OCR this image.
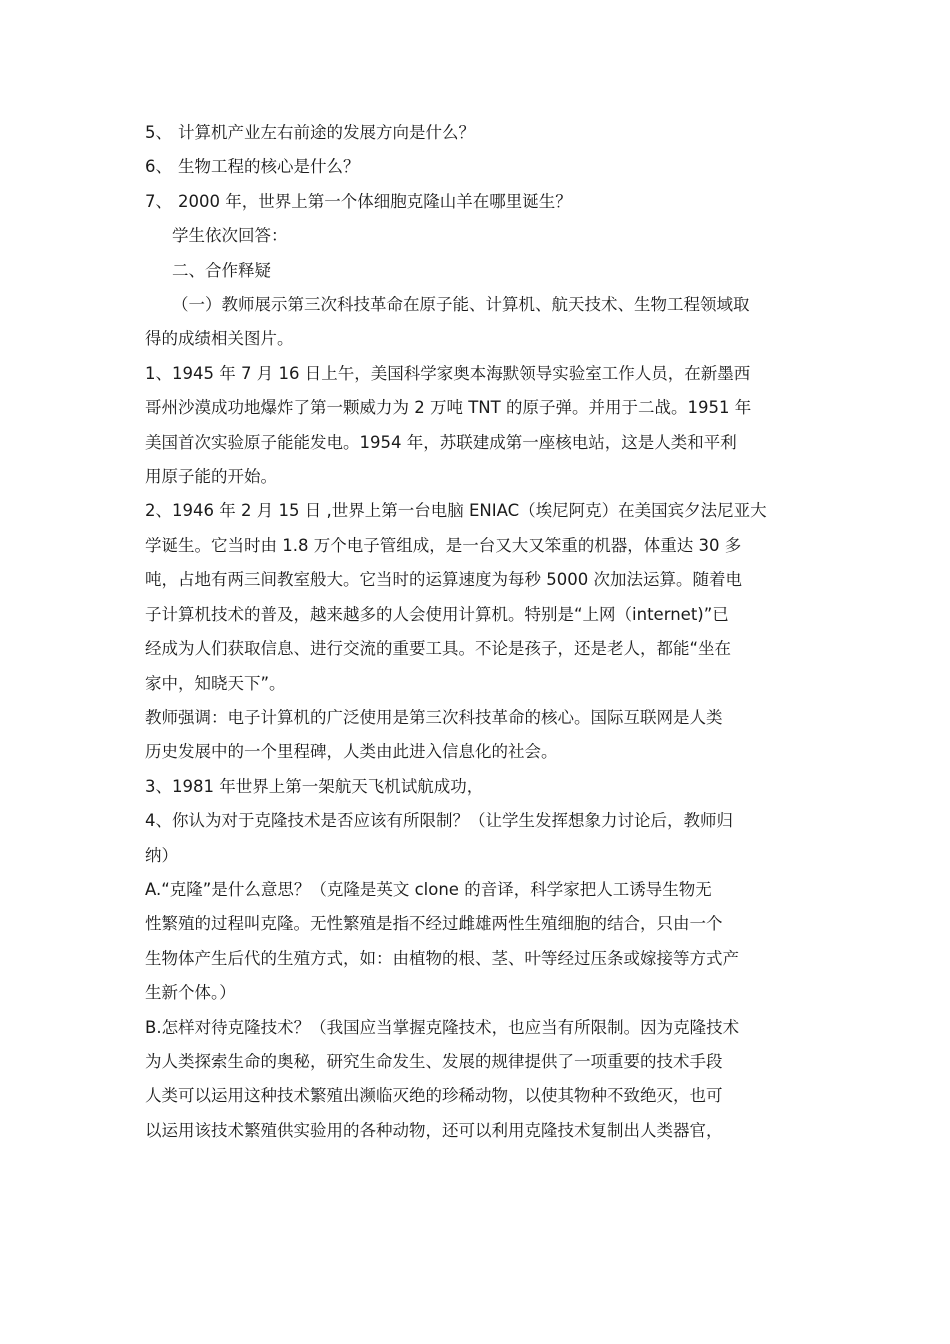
5、 计算机产业左右前途的发展方向是什么？

6、 生物工程的核心是什么？

7、 2000 年，世界上第一个体细胞克隆山羊在哪里诞生？

学生依次回答：

二、合作释疑

（一）教师展示第三次科技革命在原子能、计算机、航天技术、生物工程领域取

得的成绩相关图片。

1、1945 年 7 月 16 日上午，美国科学家奥本海默领导实验室工作人员，在新墨西

哥州沙漠成功地爆炸了第一颗威力为 2 万吨 TNT 的原子弹。并用于二战。1951 年

美国首次实验原子能能发电。1954 年，苏联建成第一座核电站，这是人类和平利

用原子能的开始。

2、1946 年 2 月 15 日 ,世界上第一台电脑 ENIAC（埃尼阿克）在美国宾夕法尼亚大

学诞生。它当时由 1.8 万个电子管组成，是一台又大又笨重的机器，体重达 30 多

吨，占地有两三间教室般大。它当时的运算速度为每秒 5000 次加法运算。随着电

子计算机技术的普及，越来越多的人会使用计算机。特别是“上网（internet)”已

经成为人们获取信息、进行交流的重要工具。不论是孩子，还是老人，都能“坐在

家中，知晓天下”。

教师强调：电子计算机的广泛使用是第三次科技革命的核心。国际互联网是人类

历史发展中的一个里程碑，人类由此进入信息化的社会。

3、1981 年世界上第一架航天飞机试航成功，

4、你认为对于克隆技术是否应该有所限制？（让学生发挥想象力讨论后，教师归

纳）

A.“克隆”是什么意思？（克隆是英文 clone 的音译，科学家把人工诱导生物无

性繁殖的过程叫克隆。无性繁殖是指不经过雌雄两性生殖细胞的结合，只由一个

生物体产生后代的生殖方式，如：由植物的根、茎、叶等经过压条或嫁接等方式产

生新个体。）

B.怎样对待克隆技术？（我国应当掌握克隆技术，也应当有所限制。因为克隆技术

为人类探索生命的奥秘，研究生命发生、发展的规律提供了一项重要的技术手段

人类可以运用这种技术繁殖出濒临灭绝的珍稀动物，以使其物种不致绝灭，也可

以运用该技术繁殖供实验用的各种动物，还可以利用克隆技术复制出人类器官，
